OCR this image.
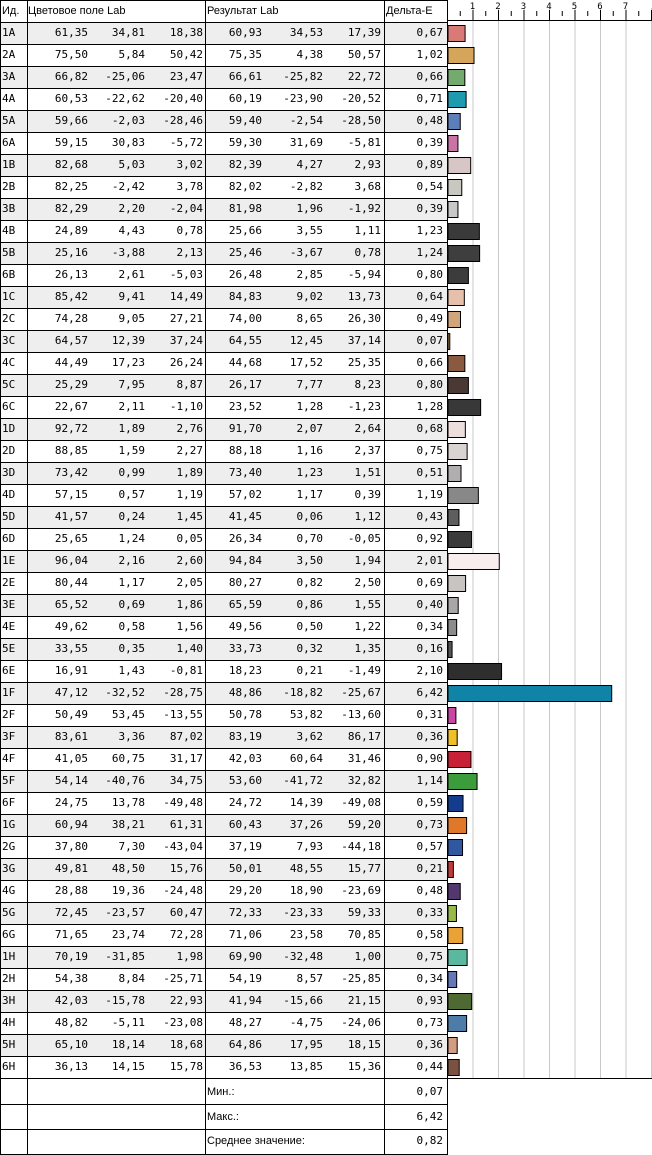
Ид. Цветовое поле Lab	Результат Lab	Дельта-E
1A	61,35	34,81	18,38	60,93	34,53	17,39	0,67
2A	75,50	5,84	50,42	75,35	4,38	50,57	1,02
3A	66,82	-25,06	23,47	66,61	-25,82	22,72	0,66
4A	60,53	-22,62	-20,40	60,19	-23,90	-20,52	0,71
5A	59,66	-2,03	-28,46	59,40	-2,54	-28,50	0,48
6A	59,15	30,83	-5,72	59,30	31,69	-5,81	0,39
1B	82,68	5,03	3,02	82,39	4,27	2,93	0,89
2B	82,25	-2,42	3,78	82,02	-2,82	3,68	0,54
3B	82,29	2,20	-2,04	81,98	1,96	-1,92	0,39
4B	24,89	4,43	0,78	25,66	3,55	1,11	1,23
5B	25,16	-3,88	2,13	25,46	-3,67	0,78	1,24
6B	26,13	2,61	-5,03	26,48	2,85	-5,94	0,80
1C	85,42	9,41	14,49	84,83	9,02	13,73	0,64
2C	74,28	9,05	27,21	74,00	8,65	26,30	0,49
3C	64,57	12,39	37,24	64,55	12,45	37,14	0,07
4C	44,49	17,23	26,24	44,68	17,52	25,35	0,66
5C	25,29	7,95	8,87	26,17	7,77	8,23	0,80
6C	22,67	2,11	-1,10	23,52	1,28	-1,23	1,28
1D	92,72	1,89	2,76	91,70	2,07	2,64	0,68
2D	88,85	1,59	2,27	88,18	1,16	2,37	0,75
3D	73,42	0,99	1,89	73,40	1,23	1,51	0,51
4D	57,15	0,57	1,19	57,02	1,17	0,39	1,19
5D	41,57	0,24	1,45	41,45	0,06	1,12	0,43
6D	25,65	1,24	0,05	26,34	0,70	-0,05	0,92
1E	96,04	2,16	2,60	94,84	3,50	1,94	2,01
2E	80,44	1,17	2,05	80,27	0,82	2,50	0,69
3E	65,52	0,69	1,86	65,59	0,86	1,55	0,40
4E	49,62	0,58	1,56	49,56	0,50	1,22	0,34
5E	33,55	0,35	1,40	33,73	0,32	1,35	0,16
6E	16,91	1,43	-0,81	18,23	0,21	-1,49	2,10
1F	47,12	-32,52	-28,75	48,86	-18,82	-25,67	6,42
2F	50,49	53,45	-13,55	50,78	53,82	-13,60	0,31
3F	83,61	3,36	87,02	83,19	3,62	86,17	0,36
4F	41,05	60,75	31,17	42,03	60,64	31,46	0,90
5F	54,14	-40,76	34,75	53,60	-41,72	32,82	1,14
6F	24,75	13,78	-49,48	24,72	14,39	-49,08	0,59
1G	60,94	38,21	61,31	60,43	37,26	59,20	0,73
2G	37,80	7,30	-43,04	37,19	7,93	-44,18	0,57
3G	49,81	48,50	15,76	50,01	48,55	15,77	0,21
4G	28,88	19,36	-24,48	29,20	18,90	-23,69	0,48
5G	72,45	-23,57	60,47	72,33	-23,33	59,33	0,33
6G	71,65	23,74	72,28	71,06	23,58	70,85	0,58
1H	70,19	-31,85	1,98	69,90	-32,48	1,00	0,75
2H	54,38	8,84	-25,71	54,19	8,57	-25,85	0,34
3H	42,03	-15,78	22,93	41,94	-15,66	21,15	0,93
4H	48,82	-5,11	-23,08	48,27	-4,75	-24,06	0,73
5H	65,10	18,14	18,68	64,86	17,95	18,15	0,36
6H	36,13	14,15	15,78	36,53	13,85	15,36	0,44
Мин.:	0,07
Макс.:	6,42
Среднее значение:	0,82
1 2 3 4 5 6 7
